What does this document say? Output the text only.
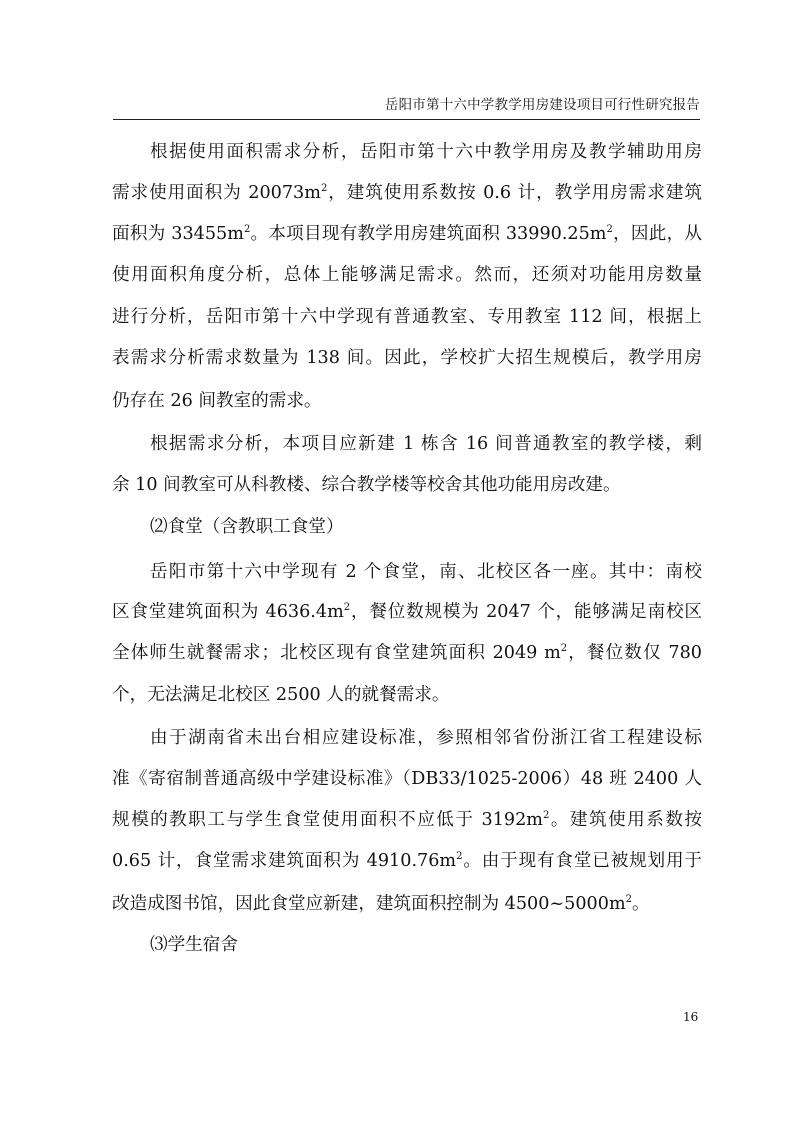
岳阳市第十六中学教学用房建设项目可行性研究报告
根据使用面积需求分析，岳阳市第十六中教学用房及教学辅助用房
需求使用面积为 $20073m^2$，建筑使用系数按 0.6 计，教学用房需求建筑
面积为 $33455m^2$。本项目现有教学用房建筑面积 $33990.25m^2$，因此，从
使用面积角度分析，总体上能够满足需求。然而，还须对功能用房数量
进行分析，岳阳市第十六中学现有普通教室、专用教室 112 间，根据上
表需求分析需求数量为 138 间。因此，学校扩大招生规模后，教学用房
仍存在 26 间教室的需求。
根据需求分析，本项目应新建 1 栋含 16 间普通教室的教学楼，剩
余 10 间教室可从科教楼、综合教学楼等校舍其他功能用房改建。
⑵食堂（含教职工食堂）
岳阳市第十六中学现有 2 个食堂，南、北校区各一座。其中：南校
区食堂建筑面积为 $4636.4m^2$，餐位数规模为 2047 个，能够满足南校区
全体师生就餐需求；北校区现有食堂建筑面积 2049 $m^2$，餐位数仅 780
个，无法满足北校区 2500 人的就餐需求。
由于湖南省未出台相应建设标准，参照相邻省份浙江省工程建设标
准《寄宿制普通高级中学建设标准》（DB33/1025-2006）48 班 2400 人
规模的教职工与学生食堂使用面积不应低于 $3192m^2$。建筑使用系数按
0.65 计，食堂需求建筑面积为 $4910.76m^2$。由于现有食堂已被规划用于
改造成图书馆，因此食堂应新建，建筑面积控制为 $4500\sim 5000m^2$。
⑶学生宿舍
16
